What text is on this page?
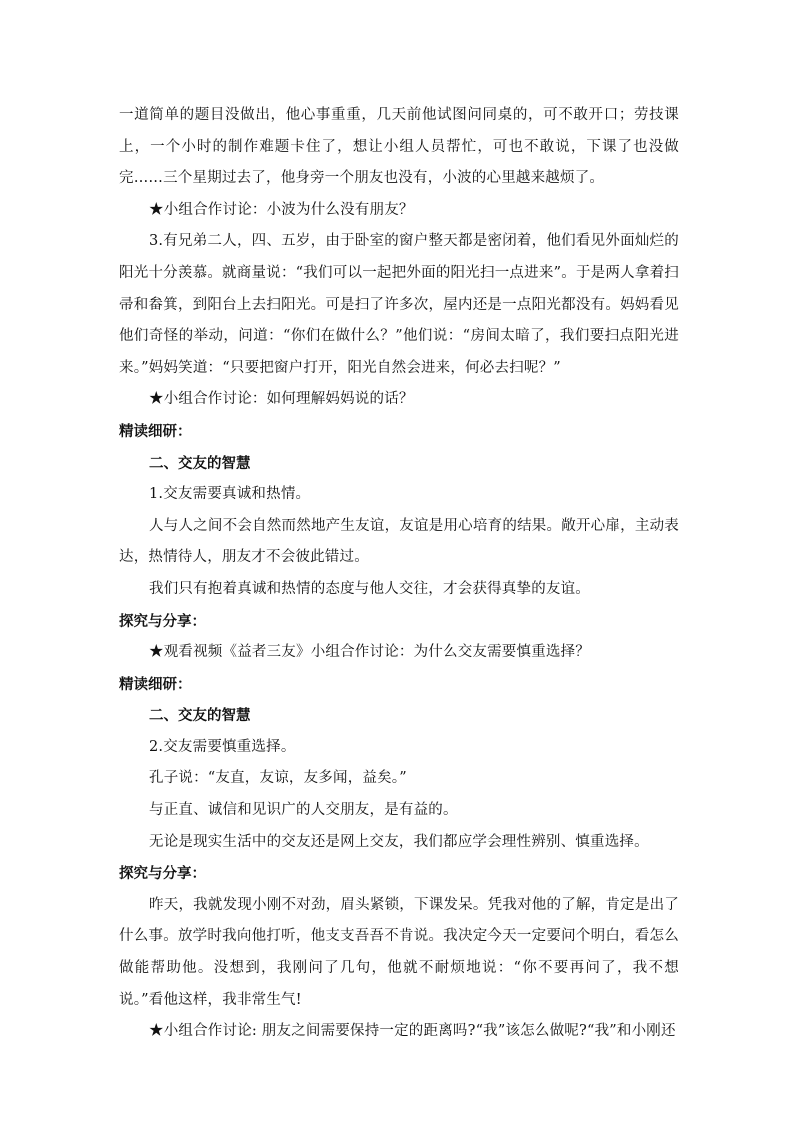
一道简单的题目没做出，他心事重重，几天前他试图问同桌的，可不敢开口；劳技课上，一个小时的制作难题卡住了，想让小组人员帮忙，可也不敢说，下课了也没做完……三个星期过去了，他身旁一个朋友也没有，小波的心里越来越烦了。

★小组合作讨论：小波为什么没有朋友？

3.有兄弟二人，四、五岁，由于卧室的窗户整天都是密闭着，他们看见外面灿烂的阳光十分羡慕。就商量说：“我们可以一起把外面的阳光扫一点进来”。于是两人拿着扫帚和畚箕，到阳台上去扫阳光。可是扫了许多次，屋内还是一点阳光都没有。妈妈看见他们奇怪的举动，问道：“你们在做什么？”他们说：“房间太暗了，我们要扫点阳光进来。”妈妈笑道：“只要把窗户打开，阳光自然会进来，何必去扫呢？”

★小组合作讨论：如何理解妈妈说的话？

精读细研：

二、交友的智慧

1.交友需要真诚和热情。

人与人之间不会自然而然地产生友谊，友谊是用心培育的结果。敞开心扉，主动表达，热情待人，朋友才不会彼此错过。

我们只有抱着真诚和热情的态度与他人交往，才会获得真挚的友谊。

探究与分享：

★观看视频《益者三友》小组合作讨论：为什么交友需要慎重选择？

精读细研：

二、交友的智慧

2.交友需要慎重选择。

孔子说：“友直，友谅，友多闻，益矣。”

与正直、诚信和见识广的人交朋友，是有益的。

无论是现实生活中的交友还是网上交友，我们都应学会理性辨别、慎重选择。

探究与分享：

昨天，我就发现小刚不对劲，眉头紧锁，下课发呆。凭我对他的了解，肯定是出了什么事。放学时我向他打听，他支支吾吾不肯说。我决定今天一定要问个明白，看怎么做能帮助他。没想到，我刚问了几句，他就不耐烦地说：“你不要再问了，我不想说。”看他这样，我非常生气!

★小组合作讨论: 朋友之间需要保持一定的距离吗?“我”该怎么做呢?“我”和小刚还
